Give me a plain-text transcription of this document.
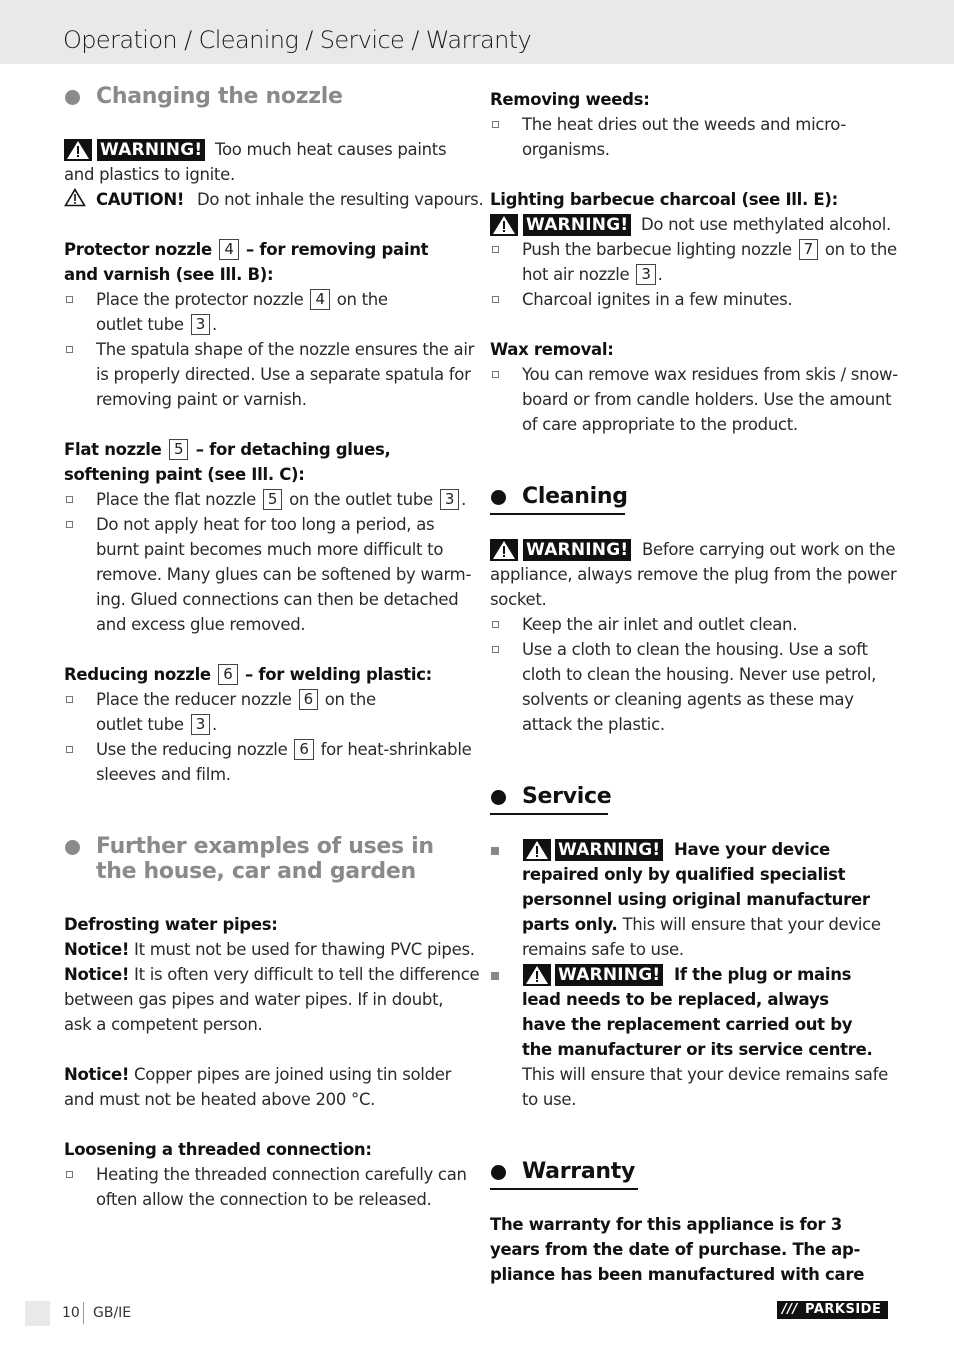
Operation / Cleaning / Service / Warranty
Changing the nozzle
WARNING! Too much heat causes paints
and plastics to ignite.
CAUTION! Do not inhale the resulting vapours.
Protector nozzle 4 – for removing paint
and varnish (see Ill. B):
Place the protector nozzle 4 on the
outlet tube 3 .
The spatula shape of the nozzle ensures the air
is properly directed. Use a separate spatula for
removing paint or varnish.
Flat nozzle 5 – for detaching glues,
softening paint (see Ill. C):
Place the flat nozzle 5 on the outlet tube 3 .
Do not apply heat for too long a period, as
burnt paint becomes much more difficult to
remove. Many glues can be softened by warm-
ing. Glued connections can then be detached
and excess glue removed.
Reducing nozzle 6 – for welding plastic:
Place the reducer nozzle 6 on the
outlet tube 3 .
Use the reducing nozzle 6 for heat-shrinkable
sleeves and film.
Further examples of uses in
the house, car and garden
Defrosting water pipes:
Notice! It must not be used for thawing PVC pipes.
Notice! It is often very difficult to tell the difference
between gas pipes and water pipes. If in doubt,
ask a competent person.
Notice! Copper pipes are joined using tin solder
and must not be heated above 200 °C.
Loosening a threaded connection:
Heating the threaded connection carefully can
often allow the connection to be released.
Removing weeds:
The heat dries out the weeds and micro-
organisms.
Lighting barbecue charcoal (see Ill. E):
WARNING! Do not use methylated alcohol.
Push the barbecue lighting nozzle 7 on to the
hot air nozzle 3 .
Charcoal ignites in a few minutes.
Wax removal:
You can remove wax residues from skis / snow-
board or from candle holders. Use the amount
of care appropriate to the product.
Cleaning
WARNING! Before carrying out work on the
appliance, always remove the plug from the power
socket.
Keep the air inlet and outlet clean.
Use a cloth to clean the housing. Use a soft
cloth to clean the housing. Never use petrol,
solvents or cleaning agents as these may
attack the plastic.
Service
WARNING! Have your device
repaired only by qualified specialist
personnel using original manufacturer
parts only. This will ensure that your device
remains safe to use.
WARNING! If the plug or mains
lead needs to be replaced, always
have the replacement carried out by
the manufacturer or its service centre.
This will ensure that your device remains safe
to use.
Warranty
The warranty for this appliance is for 3
years from the date of purchase. The ap-
pliance has been manufactured with care
10 GB/IE	/// PARKSIDE
